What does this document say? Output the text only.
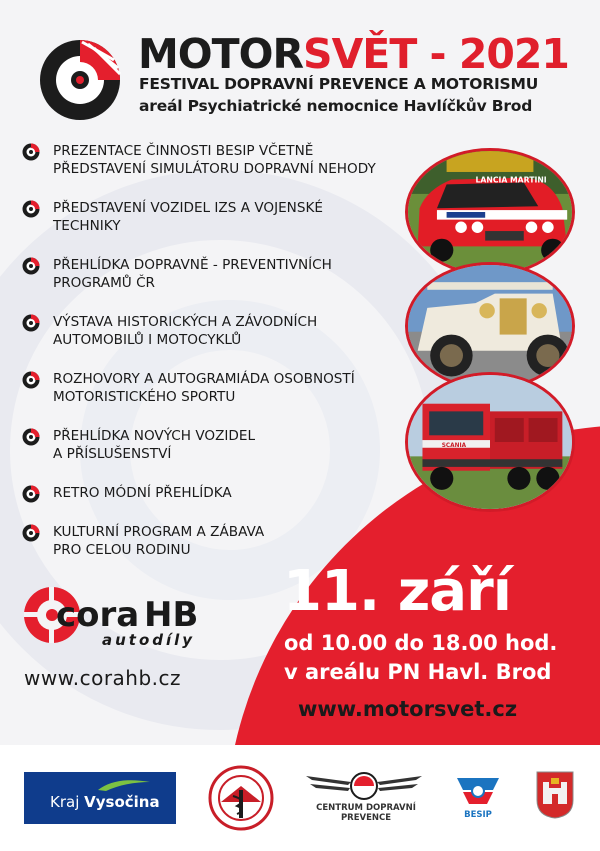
MOTORSVĚT - 2021
FESTIVAL DOPRAVNÍ PREVENCE A MOTORISMU
areál Psychiatrické nemocnice Havlíčkův Brod
PREZENTACE ČINNOSTI BESIP VČETNĚ
PŘEDSTAVENÍ SIMULÁTORU DOPRAVNÍ NEHODY
PŘEDSTAVENÍ VOZIDEL IZS A VOJENSKÉ
TECHNIKY
PŘEHLÍDKA DOPRAVNĚ - PREVENTIVNÍCH
PROGRAMŮ ČR
VÝSTAVA HISTORICKÝCH A ZÁVODNÍCH
AUTOMOBILŮ I MOTOCYKLŮ
ROZHOVORY A AUTOGRAMIÁDA OSOBNOSTÍ
MOTORISTICKÉHO SPORTU
PŘEHLÍDKA NOVÝCH VOZIDEL
A PŘÍSLUŠENSTVÍ
RETRO MÓDNÍ PŘEHLÍDKA
KULTURNÍ PROGRAM A ZÁBAVA
PRO CELOU RODINU
LANCIA MARTINI
SCANIA
11. září
od 10.00 do 18.00 hod.
v areálu PN Havl. Brod
www.motorsvet.cz
cora HB
autodíly
www.corahb.cz
Kraj Vysočina	CENTRUM DOPRAVNÍ
PREVENCE	BESIP
